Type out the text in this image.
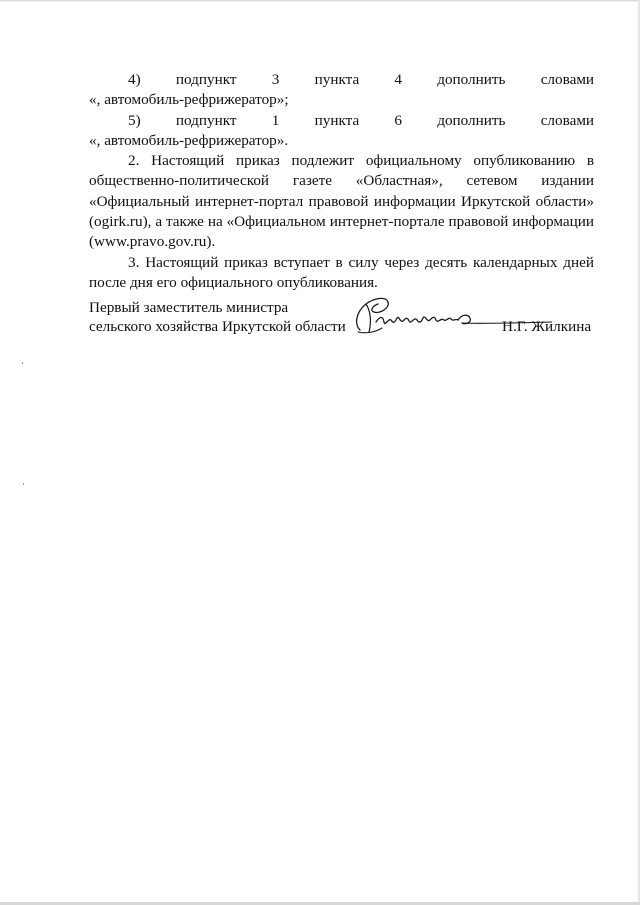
4) подпункт 3 пункта 4 дополнить словами

«, автомобиль-рефрижератор»;

5) подпункт 1 пункта 6 дополнить словами

«, автомобиль-рефрижератор».

2. Настоящий приказ подлежит официальному опубликованию в

общественно-политической газете «Областная», сетевом издании

«Официальный интернет-портал правовой информации Иркутской области»

(ogirk.ru), а также на «Официальном интернет-портале правовой информации

(www.pravo.gov.ru).

3. Настоящий приказ вступает в силу через десять календарных дней

после дня его официального опубликования.

Первый заместитель министра
сельского хозяйства Иркутской области	Н.Г. Жилкина
